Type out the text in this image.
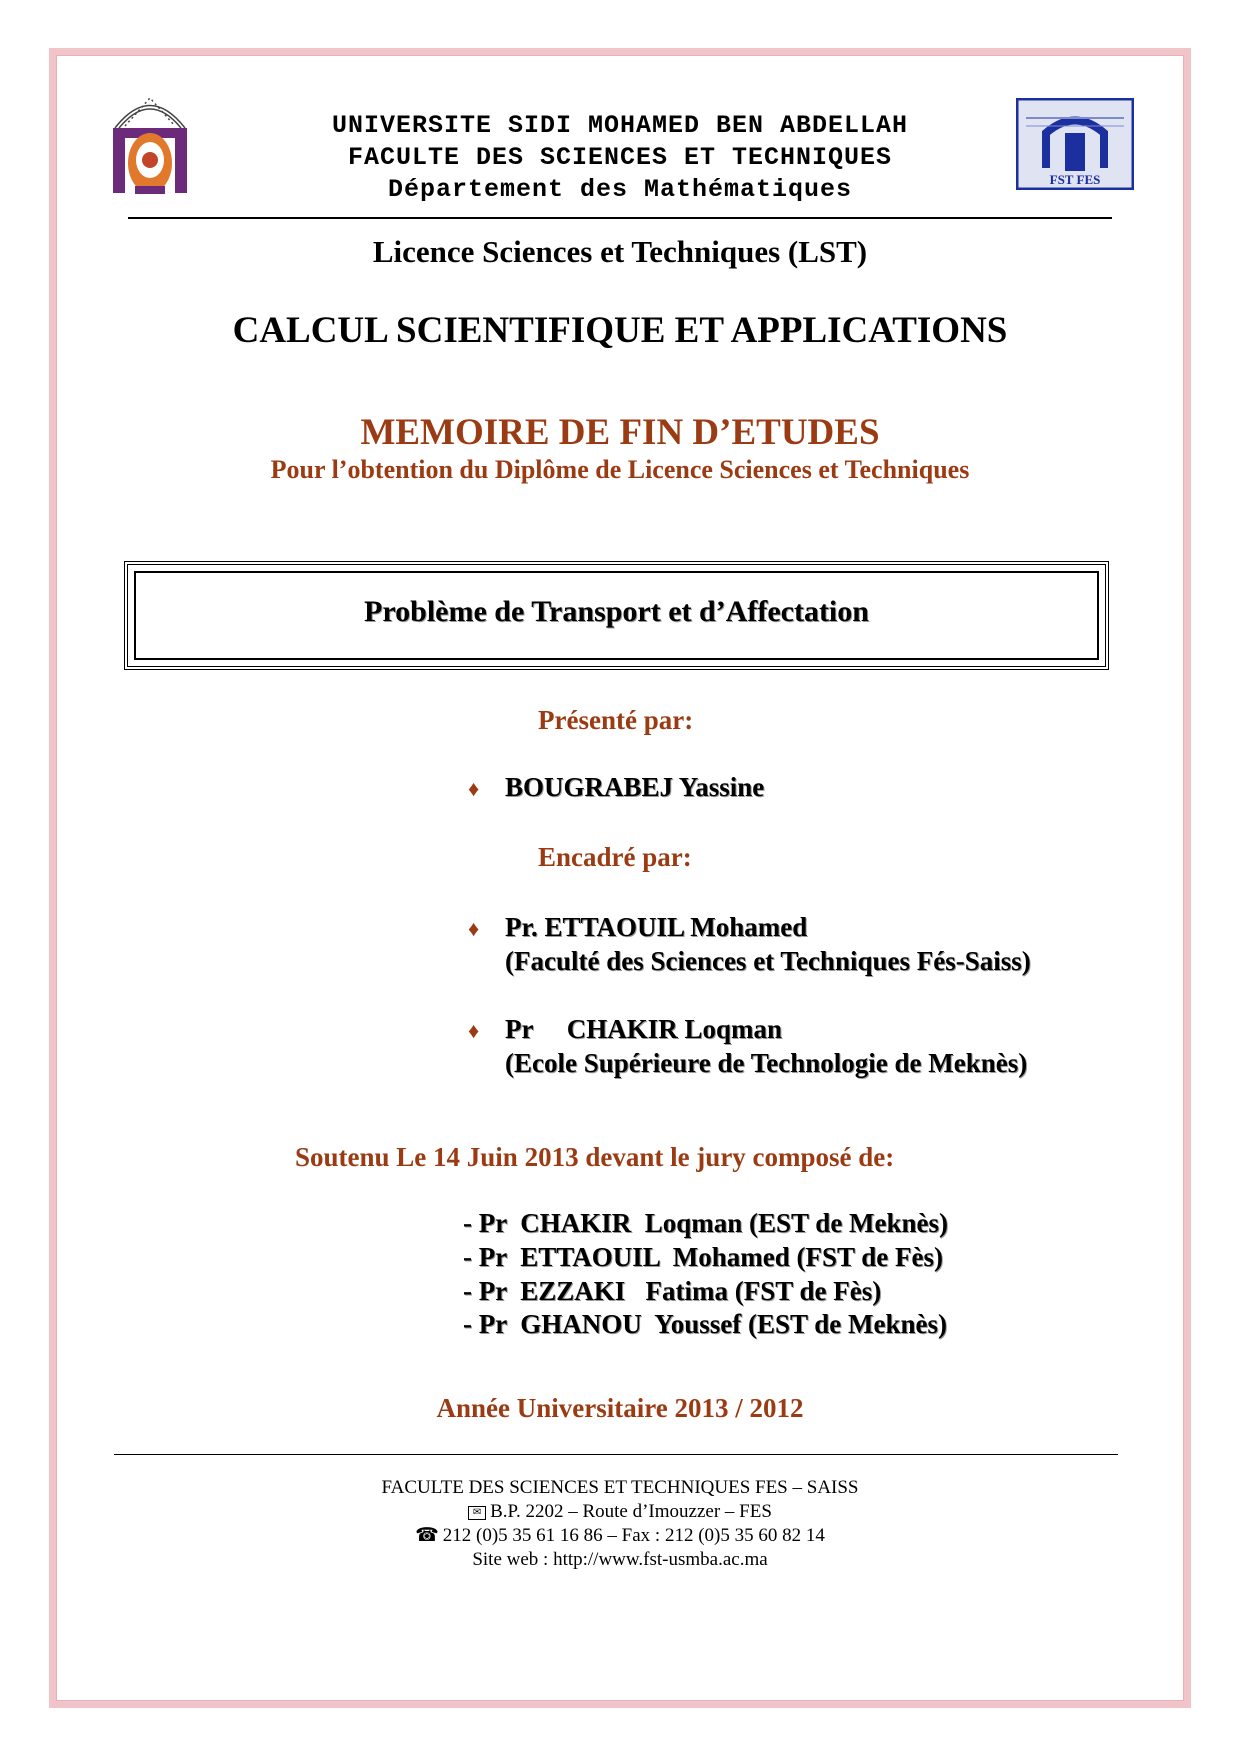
FST FES
UNIVERSITE SIDI MOHAMED BEN ABDELLAH
FACULTE DES SCIENCES ET TECHNIQUES
Département des Mathématiques
Licence Sciences et Techniques (LST)
CALCUL SCIENTIFIQUE ET APPLICATIONS
MEMOIRE DE FIN D’ETUDES
Pour l’obtention du Diplôme de Licence Sciences et Techniques
Problème de Transport et d’Affectation
Présenté par:
♦ BOUGRABEJ Yassine
Encadré par:
♦ Pr. ETTAOUIL Mohamed
(Faculté des Sciences et Techniques Fés-Saiss)
♦ Pr     CHAKIR Loqman
(Ecole Supérieure de Technologie de Meknès)
Soutenu Le 14 Juin 2013 devant le jury composé de:
- Pr  CHAKIR  Loqman (EST de Meknès)
- Pr  ETTAOUIL  Mohamed (FST de Fès)
- Pr  EZZAKI   Fatima (FST de Fès)
- Pr  GHANOU  Youssef (EST de Meknès)
Année Universitaire 2013 / 2012
FACULTE DES SCIENCES ET TECHNIQUES FES – SAISS
✉ B.P. 2202 – Route d’Imouzzer – FES
☎ 212 (0)5 35 61 16 86 – Fax : 212 (0)5 35 60 82 14
Site web : http://www.fst-usmba.ac.ma
